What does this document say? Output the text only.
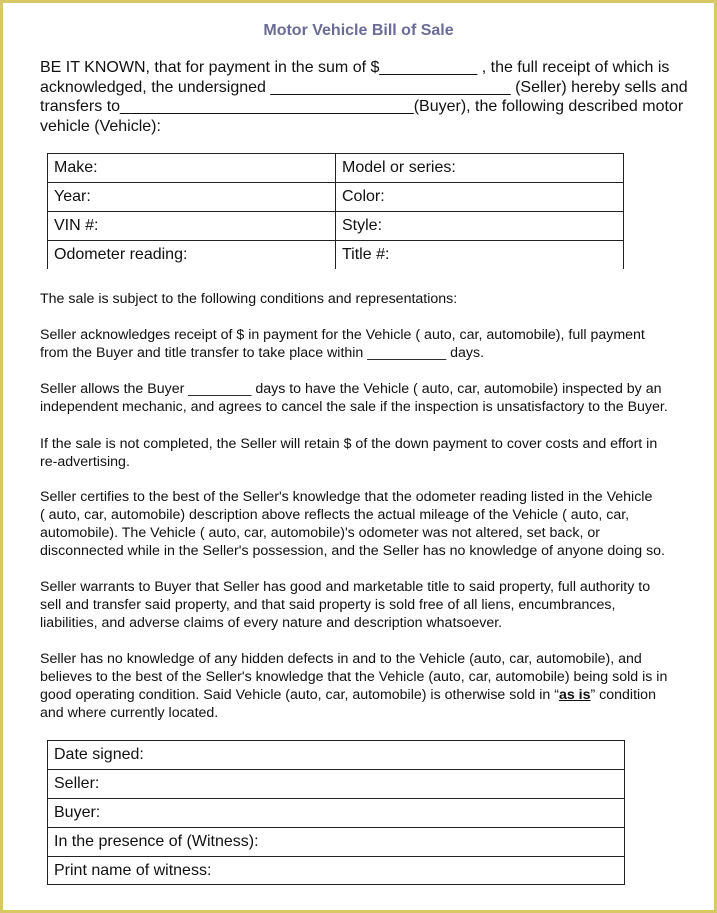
Motor Vehicle Bill of Sale
BE IT KNOWN, that for payment in the sum of $___________ , the full receipt of which is
acknowledged, the undersigned ___________________________ (Seller) hereby sells and
transfers to_________________________________(Buyer), the following described motor
vehicle (Vehicle):
Make:	Model or series:
Year:	Color:
VIN #:	Style:
Odometer reading:	Title #:
The sale is subject to the following conditions and representations:
Seller acknowledges receipt of $ in payment for the Vehicle ( auto, car, automobile), full payment
from the Buyer and title transfer to take place within __________ days.
Seller allows the Buyer ________ days to have the Vehicle ( auto, car, automobile) inspected by an
independent mechanic, and agrees to cancel the sale if the inspection is unsatisfactory to the Buyer.
If the sale is not completed, the Seller will retain $ of the down payment to cover costs and effort in
re-advertising.
Seller certifies to the best of the Seller's knowledge that the odometer reading listed in the Vehicle
( auto, car, automobile) description above reflects the actual mileage of the Vehicle ( auto, car,
automobile). The Vehicle ( auto, car, automobile)'s odometer was not altered, set back, or
disconnected while in the Seller's possession, and the Seller has no knowledge of anyone doing so.
Seller warrants to Buyer that Seller has good and marketable title to said property, full authority to
sell and transfer said property, and that said property is sold free of all liens, encumbrances,
liabilities, and adverse claims of every nature and description whatsoever.
Seller has no knowledge of any hidden defects in and to the Vehicle (auto, car, automobile), and
believes to the best of the Seller's knowledge that the Vehicle (auto, car, automobile) being sold is in
good operating condition. Said Vehicle (auto, car, automobile) is otherwise sold in “as is” condition
and where currently located.
Date signed:
Seller:
Buyer:
In the presence of (Witness):
Print name of witness:
